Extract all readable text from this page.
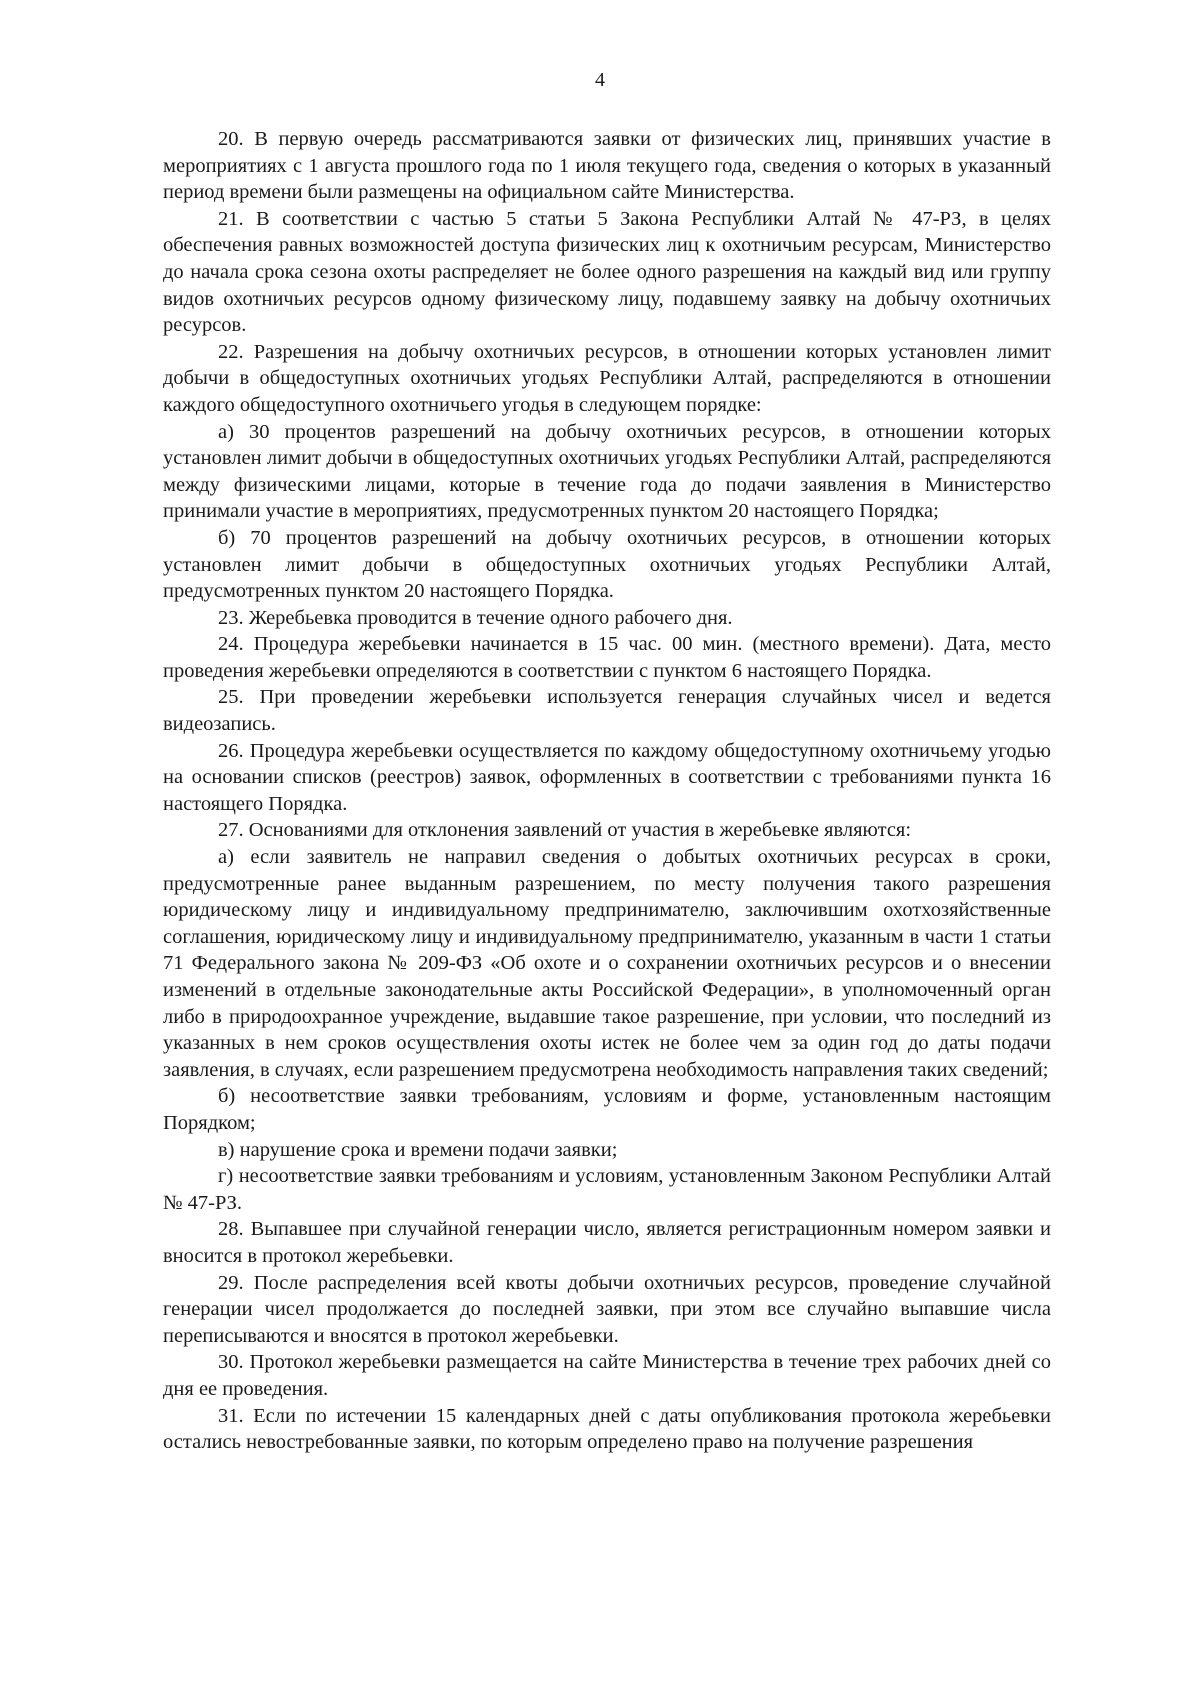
4

20. В первую очередь рассматриваются заявки от физических лиц, принявших участие в мероприятиях с 1 августа прошлого года по 1 июля текущего года, сведения о которых в указанный период времени были размещены на официальном сайте Министерства.

21. В соответствии с частью 5 статьи 5 Закона Республики Алтай № 47-РЗ, в целях обеспечения равных возможностей доступа физических лиц к охотничьим ресурсам, Министерство до начала срока сезона охоты распределяет не более одного разрешения на каждый вид или группу видов охотничьих ресурсов одному физическому лицу, подавшему заявку на добычу охотничьих ресурсов.

22. Разрешения на добычу охотничьих ресурсов, в отношении которых установлен лимит добычи в общедоступных охотничьих угодьях Республики Алтай, распределяются в отношении каждого общедоступного охотничьего угодья в следующем порядке:

а) 30 процентов разрешений на добычу охотничьих ресурсов, в отношении которых установлен лимит добычи в общедоступных охотничьих угодьях Республики Алтай, распределяются между физическими лицами, которые в течение года до подачи заявления в Министерство принимали участие в мероприятиях, предусмотренных пунктом 20 настоящего Порядка;

б) 70 процентов разрешений на добычу охотничьих ресурсов, в отношении которых установлен лимит добычи в общедоступных охотничьих угодьях Республики Алтай, предусмотренных пунктом 20 настоящего Порядка.

23. Жеребьевка проводится в течение одного рабочего дня.

24. Процедура жеребьевки начинается в 15 час. 00 мин. (местного времени). Дата, место проведения жеребьевки определяются в соответствии с пунктом 6 настоящего Порядка.

25. При проведении жеребьевки используется генерация случайных чисел и ведется видеозапись.

26. Процедура жеребьевки осуществляется по каждому общедоступному охотничьему угодью на основании списков (реестров) заявок, оформленных в соответствии с требованиями пункта 16 настоящего Порядка.

27. Основаниями для отклонения заявлений от участия в жеребьевке являются:

а) если заявитель не направил сведения о добытых охотничьих ресурсах в сроки, предусмотренные ранее выданным разрешением, по месту получения такого разрешения юридическому лицу и индивидуальному предпринимателю, заключившим охотхозяйственные соглашения, юридическому лицу и индивидуальному предпринимателю, указанным в части 1 статьи 71 Федерального закона № 209-ФЗ «Об охоте и о сохранении охотничьих ресурсов и о внесении изменений в отдельные законодательные акты Российской Федерации», в уполномоченный орган либо в природоохранное учреждение, выдавшие такое разрешение, при условии, что последний из указанных в нем сроков осуществления охоты истек не более чем за один год до даты подачи заявления, в случаях, если разрешением предусмотрена необходимость направления таких сведений;

б) несоответствие заявки требованиям, условиям и форме, установленным настоящим Порядком;

в) нарушение срока и времени подачи заявки;

г) несоответствие заявки требованиям и условиям, установленным Законом Республики Алтай № 47-РЗ.

28. Выпавшее при случайной генерации число, является регистрационным номером заявки и вносится в протокол жеребьевки.

29. После распределения всей квоты добычи охотничьих ресурсов, проведение случайной генерации чисел продолжается до последней заявки, при этом все случайно выпавшие числа переписываются и вносятся в протокол жеребьевки.

30. Протокол жеребьевки размещается на сайте Министерства в течение трех рабочих дней со дня ее проведения.

31. Если по истечении 15 календарных дней с даты опубликования протокола жеребьевки остались невостребованные заявки, по которым определено право на получение разрешения
